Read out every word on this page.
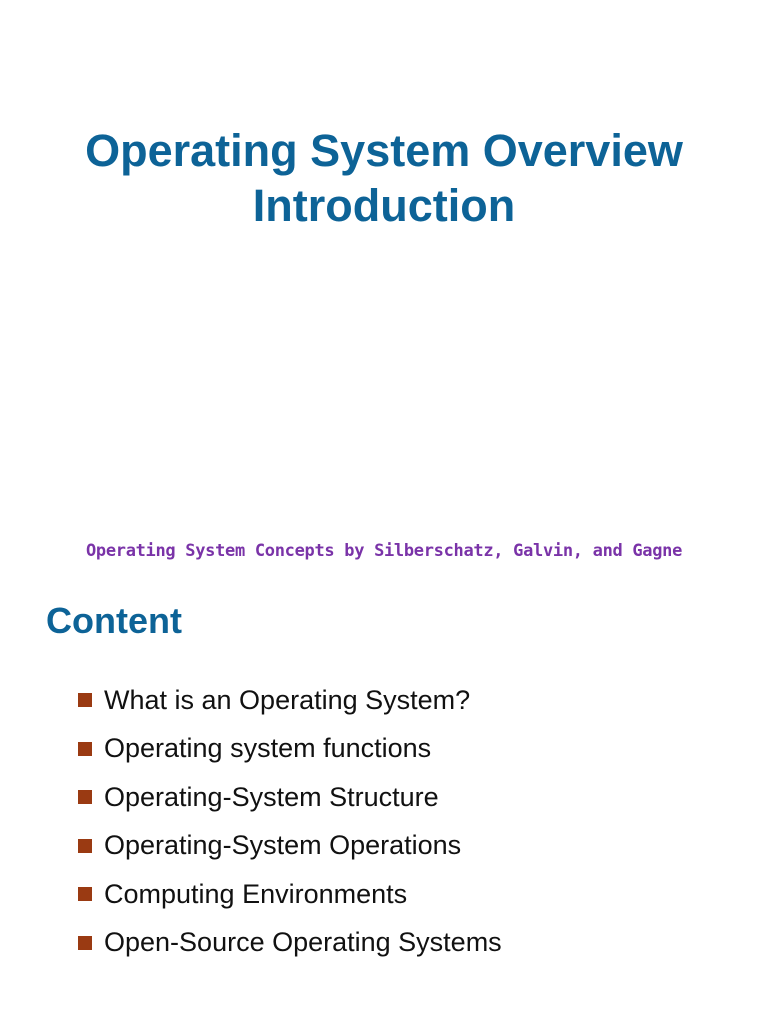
Operating System Overview
Introduction
Operating System Concepts by Silberschatz, Galvin, and Gagne
Content
What is an Operating System?
Operating system functions
Operating-System Structure
Operating-System Operations
Computing Environments
Open-Source Operating Systems
